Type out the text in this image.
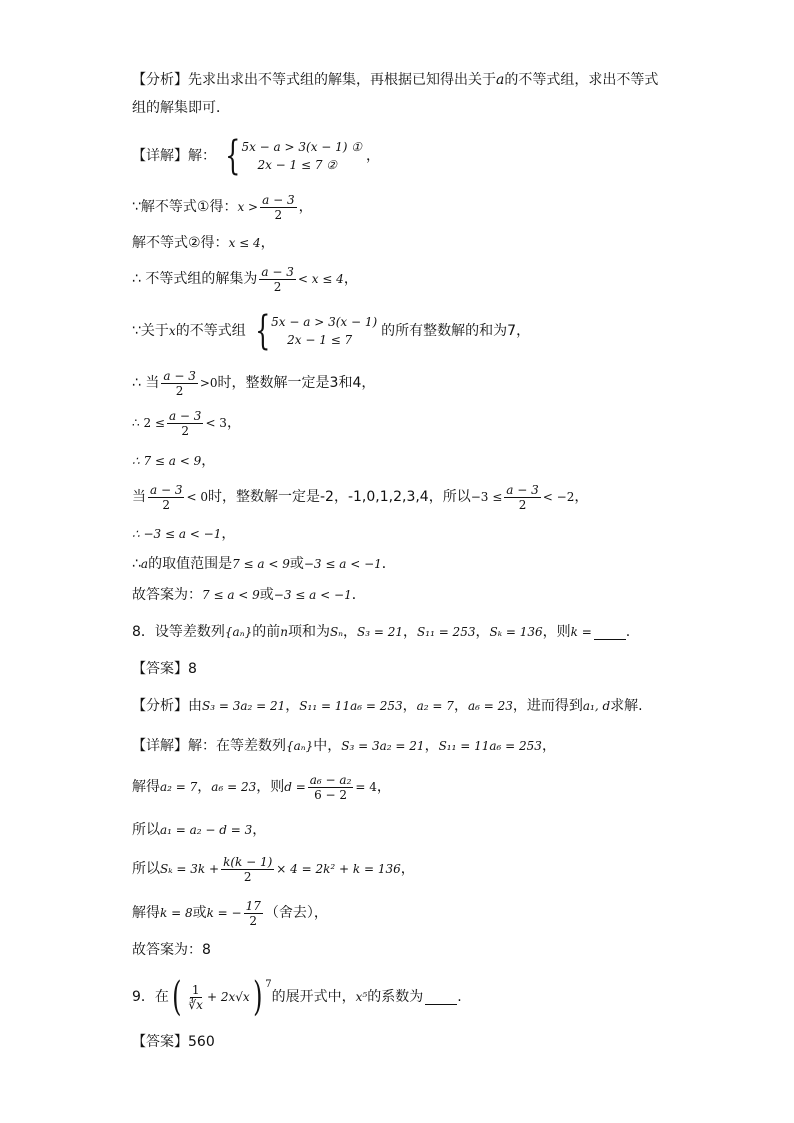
【分析】先求出求出不等式组的解集，再根据已知得出关于 a 的不等式组，求出不等式
组的解集即可．
【详解】解： { 5x − a > 3(x − 1) ①
2x − 1 ≤ 7 ②
，
∵解不等式①得： $x > \frac{a - 3}{2}$ ，
解不等式②得： x ≤ 4 ，
∴ 不等式组的解集为 $\frac{a - 3}{2} < x \le 4$ ，
∵关于 x 的不等式组 { 5x − a > 3(x − 1)
2x − 1 ≤ 7
的所有整数解的和为7，
∴ 当 $\frac{a - 3}{2} >0$ 时，整数解一定是3和4，
∴ $2 \le \frac{a - 3}{2} < 3$ ，
∴ 7 ≤ a < 9 ，
当 $\frac{a - 3}{2} < 0$ 时，整数解一定是-2，-1,0,1,2,3,4，所以 $-3 \le \frac{a - 3}{2} < -2$ ，
∴ −3 ≤ a < −1 ，
∴ a 的取值范围是 7 ≤ a < 9 或 −3 ≤ a < −1 ．
故答案为： 7 ≤ a < 9 或 −3 ≤ a < −1 ．
8．设等差数列 {aₙ} 的前 n 项和为 Sₙ ， S₃ = 21 ， S₁₁ = 253 ， Sₖ = 136 ，则 k = .
【答案】8
【分析】由 S₃ = 3a₂ = 21 ， S₁₁ = 11a₆ = 253 ， a₂ = 7 ， a₆ = 23 ，进而得到 a₁, d 求解.
【详解】解：在等差数列 {aₙ} 中， S₃ = 3a₂ = 21 ， S₁₁ = 11a₆ = 253 ，
解得 a₂ = 7 ， a₆ = 23 ，则 $d = \frac{\text{a₆ − a₂}}{6 - 2} = 4$ ，
所以 a₁ = a₂ − d = 3 ，
所以 $S_k = 3k + \frac{k(k - 1)}{2} \times 4 = 2k^2 + k = 136$ ，
解得 k = 8 或 k = − $\frac{17}{2}$ （舍去），
故答案为：8
9．在 ( $\frac{1}{∛x} + 2x√x$ ) 7
的展开式中， x⁵ 的系数为 .
【答案】560
